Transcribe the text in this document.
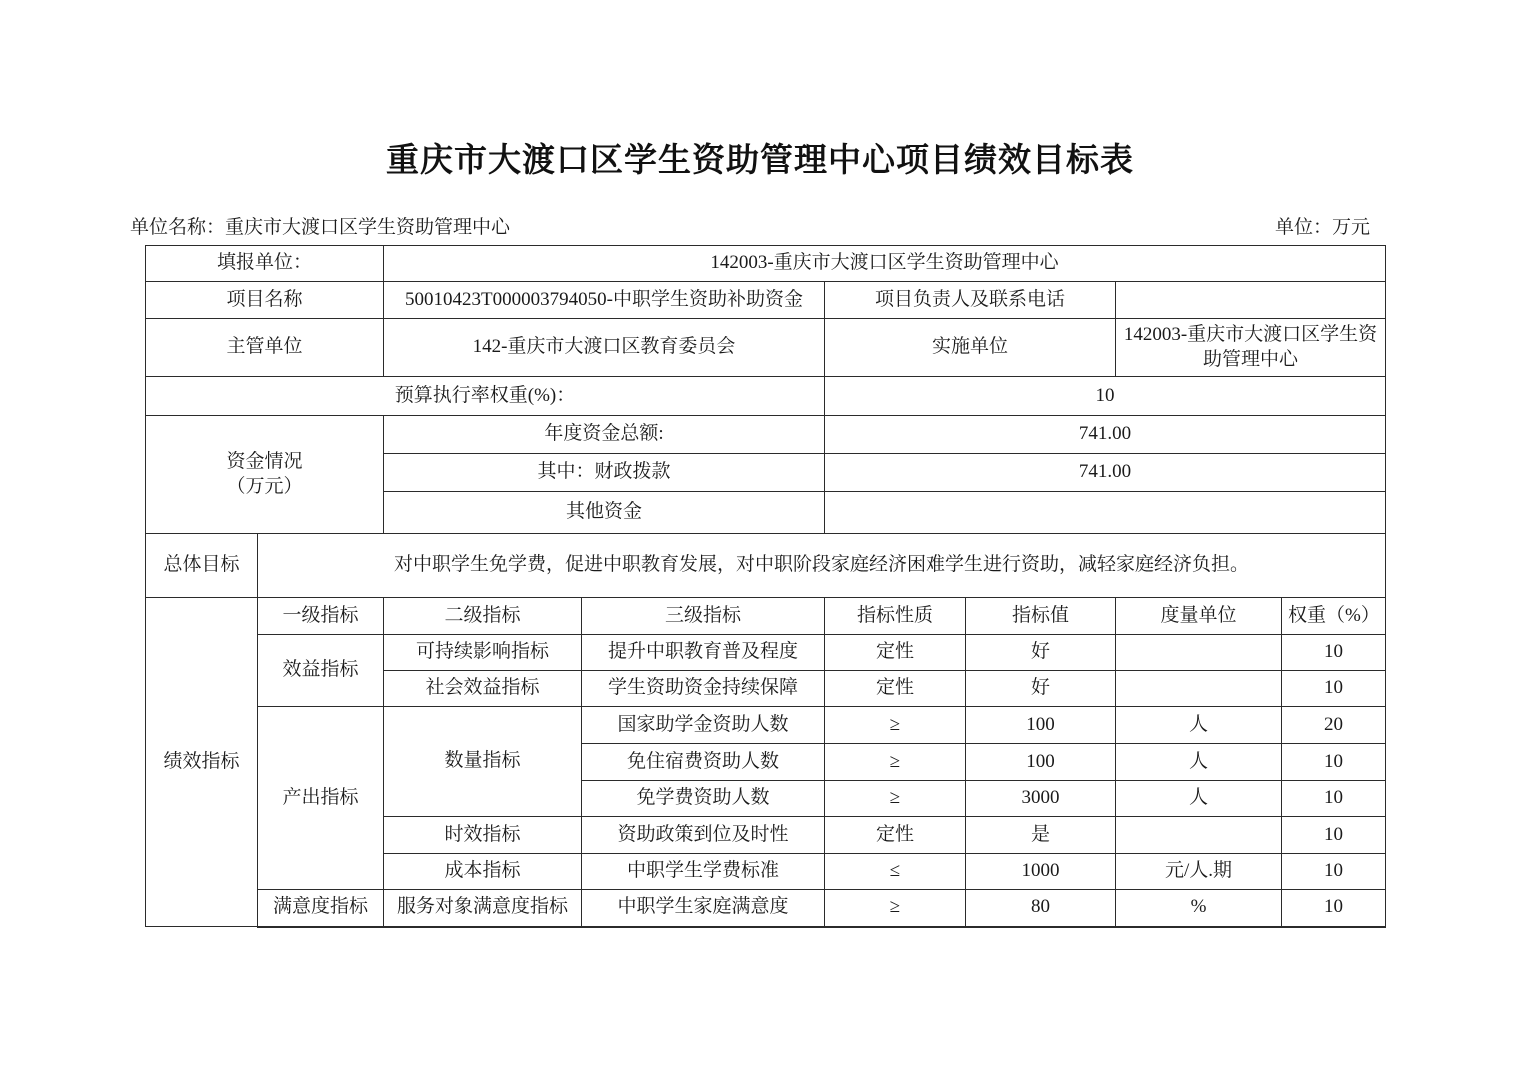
重庆市大渡口区学生资助管理中心项目绩效目标表
单位名称：重庆市大渡口区学生资助管理中心	单位：万元
填报单位：		142003-重庆市大渡口区学生资助管理中心					
项目名称		50010423T000003794050-中职学生资助补助资金		项目负责人及联系电话			
主管单位		142-重庆市大渡口区教育委员会		实施单位		142003-重庆市大渡口区学生资助管理中心	
预算执行率权重(%)：				10			

资金情况
（万元）		年度资金总额:		741.00			
		其中：财政拨款		741.00			
		其他资金					
总体目标	对中职学生免学费，促进中职教育发展，对中职阶段家庭经济困难学生进行资助，减轻家庭经济负担。						
绩效指标	一级指标	二级指标	三级指标	指标性质	指标值	度量单位	权重（%）
	效益指标	可持续影响指标	提升中职教育普及程度	定性	好		10
		社会效益指标	学生资助资金持续保障	定性	好		10
	产出指标	数量指标	国家助学金资助人数	≥	100	人	20
			免住宿费资助人数	≥	100	人	10
			免学费资助人数	≥	3000	人	10
		时效指标	资助政策到位及时性	定性	是		10
		成本指标	中职学生学费标准	≤	1000	元/人.期	10
	满意度指标	服务对象满意度指标	中职学生家庭满意度	≥	80	%	10
